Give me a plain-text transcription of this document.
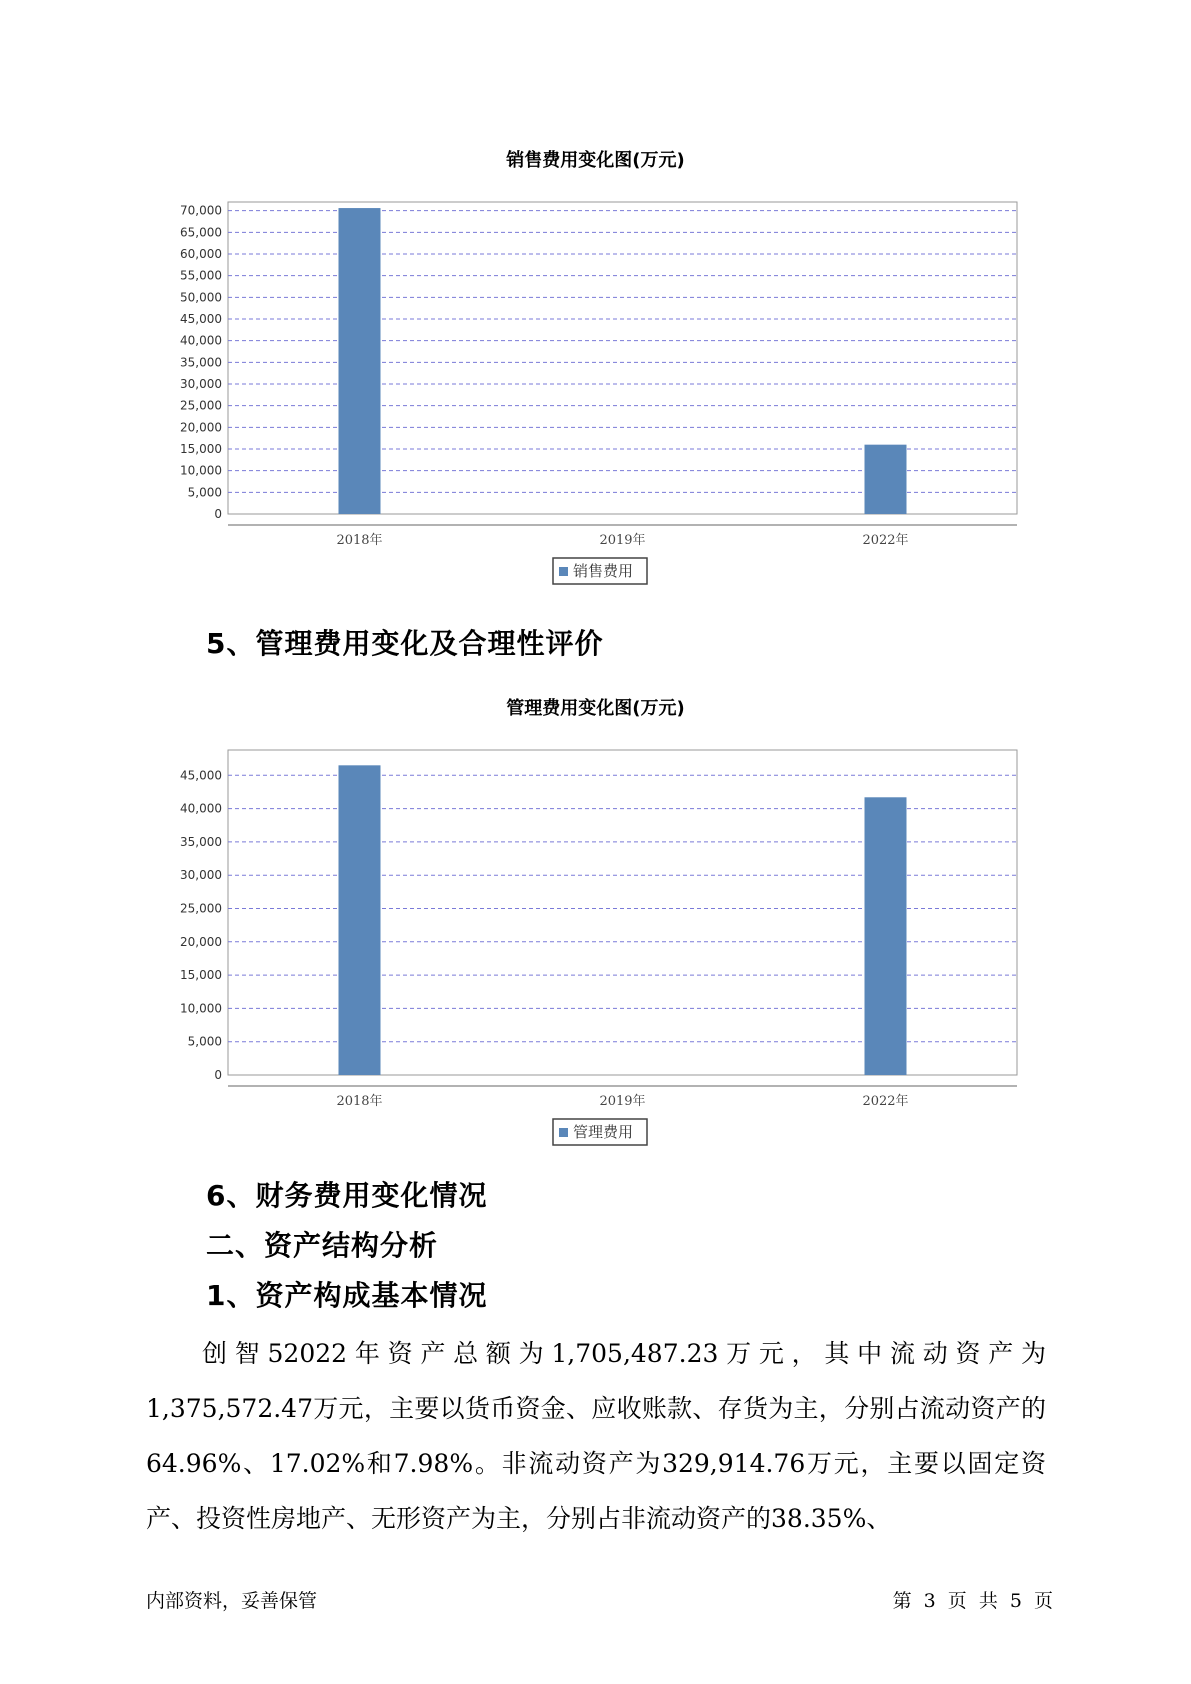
销售费用变化图(万元)
0
5,000
10,000
15,000
20,000
25,000
30,000
35,000
40,000
45,000
50,000
55,000
60,000
65,000
70,000
2018年	2019年	2022年
销售费用
5、管理费用变化及合理性评价
管理费用变化图(万元)
0
5,000
10,000
15,000
20,000
25,000
30,000
35,000
40,000
45,000
2018年	2019年	2022年
管理费用
6、财务费用变化情况
二、资产结构分析
1、资产构成基本情况

创智52022年资产总额为1,705,487.23万元，其中流动资产为1,375,572.47万元，主要以货币资金、应收账款、存货为主，分别占流动资产的64.96%、17.02%和7.98%。非流动资产为329,914.76万元，主要以固定资产、投资性房地产、无形资产为主，分别占非流动资产的38.35%、

内部资料，妥善保管	第 3 页 共 5 页
